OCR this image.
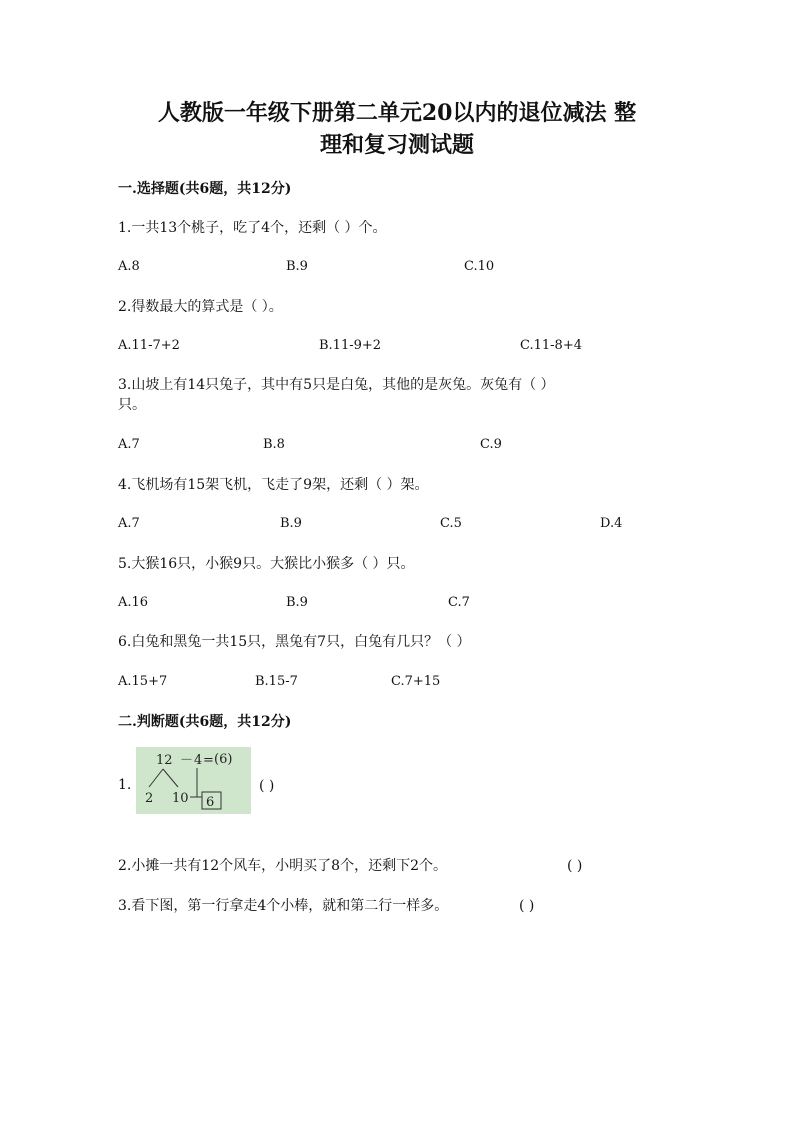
人教版一年级下册第二单元20以内的退位减法 整
理和复习测试题
一.选择题(共6题，共12分)
1.一共13个桃子，吃了4个，还剩（ ）个。
A.8	B.9	C.10
2.得数最大的算式是（ ）。
A.11-7+2	B.11-9+2	C.11-8+4
3.山坡上有14只兔子，其中有5只是白兔，其他的是灰兔。灰兔有（ ）
只。
A.7	B.8	C.9
4.飞机场有15架飞机，飞走了9架，还剩（ ）架。
A.7	B.9	C.5	D.4
5.大猴16只，小猴9只。大猴比小猴多（ ）只。
A.16	B.9	C.7
6.白兔和黑兔一共15只，黑兔有7只，白兔有几只？（ ）
A.15+7	B.15-7	C.7+15
二.判断题(共6题，共12分)
1.
12 － 4 = (6)
2 10 6
( )
2.小摊一共有12个风车，小明买了8个，还剩下2个。	( )
3.看下图，第一行拿走4个小棒，就和第二行一样多。	( )
